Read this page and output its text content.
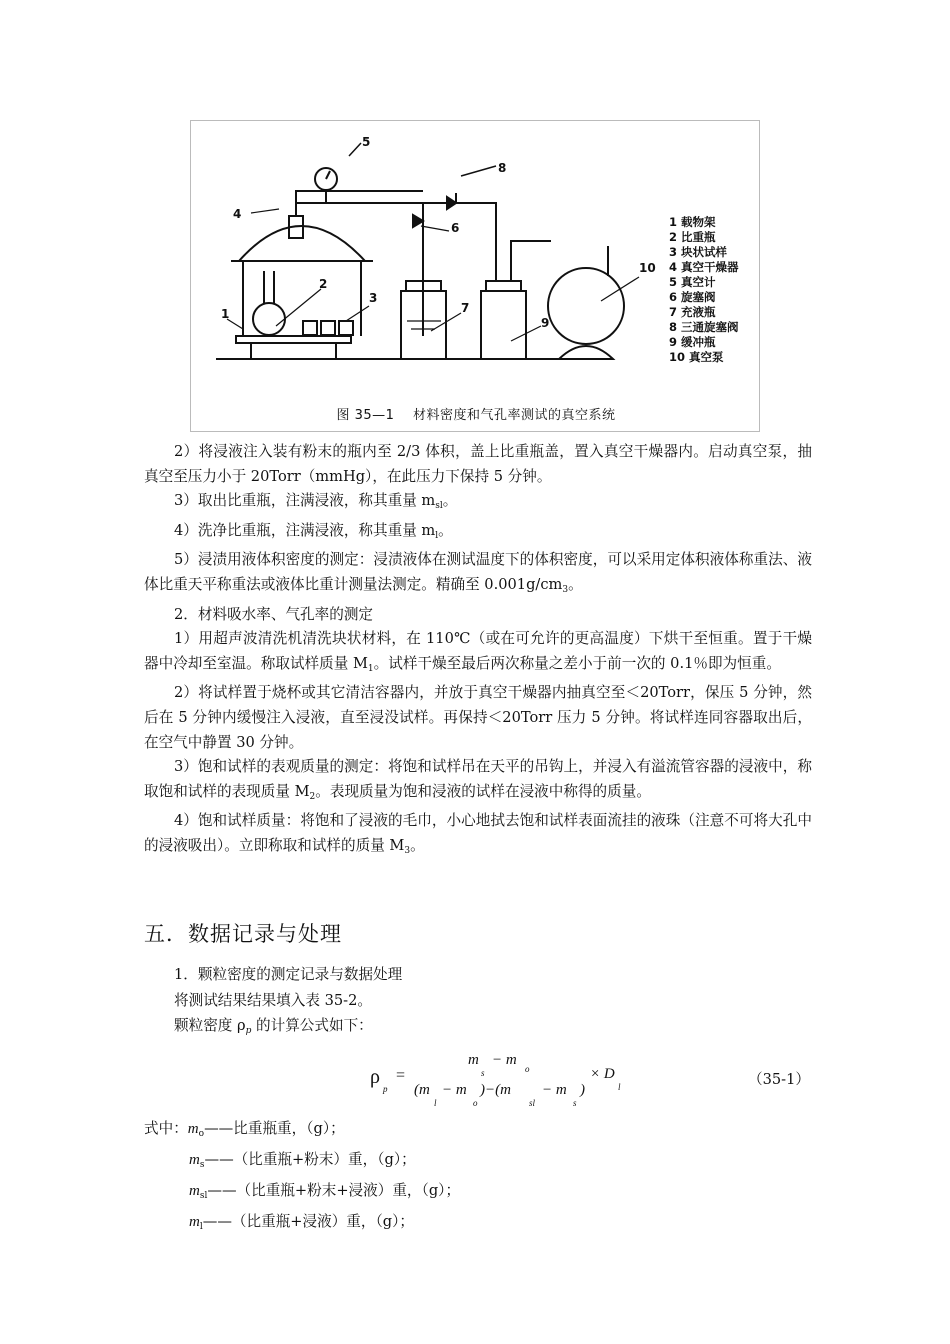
5
8
4
6
2
3
1	7
9
10
1 载物架
2 比重瓶
3 块状试样
4 真空干燥器
5 真空计
6 旋塞阀
7 充液瓶
8 三通旋塞阀
9 缓冲瓶
10 真空泵
图 35—1 材料密度和气孔率测试的真空系统

2）将浸液注入装有粉末的瓶内至 2/3 体积，盖上比重瓶盖，置入真空干燥器内。启动真空泵，抽真空至压力小于 20Torr（mmHg），在此压力下保持 5 分钟。

3）取出比重瓶，注满浸液，称其重量 $m_{sl}$。

4）洗净比重瓶，注满浸液，称其重量 $m_l$。

5）浸渍用液体积密度的测定：浸渍液体在测试温度下的体积密度，可以采用定体积液体称重法、液体比重天平称重法或液体比重计测量法测定。精确至 $0.001g/cm_3$。

2．材料吸水率、气孔率的测定

1）用超声波清洗机清洗块状材料，在 110℃（或在可允许的更高温度）下烘干至恒重。置于干燥器中冷却至室温。称取试样质量 $M_1$。试样干燥至最后两次称量之差小于前一次的 0.1％即为恒重。

2）将试样置于烧杯或其它清洁容器内，并放于真空干燥器内抽真空至＜20Torr，保压 5 分钟，然后在 5 分钟内缓慢注入浸液，直至浸没试样。再保持＜20Torr 压力 5 分钟。将试样连同容器取出后，在空气中静置 30 分钟。

3）饱和试样的表观质量的测定：将饱和试样吊在天平的吊钩上，并浸入有溢流管容器的浸液中，称取饱和试样的表现质量 $M_2$。表现质量为饱和浸液的试样在浸液中称得的质量。

4）饱和试样质量：将饱和了浸液的毛巾，小心地拭去饱和试样表面流挂的液珠（注意不可将大孔中的浸液吸出）。立即称取和试样的质量 $M_3$。

五．数据记录与处理
1．颗粒密度的测定记录与数据处理
将测试结果结果填入表 35-2。
颗粒密度 $\rho_p$ 的计算公式如下：
ρ
p
=
m
s
− m
o
(m
l
− m
o
)−(m
sl
− m
s
)
× D
l	（35-1）
式中：$m_o——$比重瓶重，（g）；
$m_s——$（比重瓶+粉末）重，（g）；
$m_{sl}——$（比重瓶+粉末+浸液）重，（g）；
$m_l——$（比重瓶+浸液）重，（g）；
